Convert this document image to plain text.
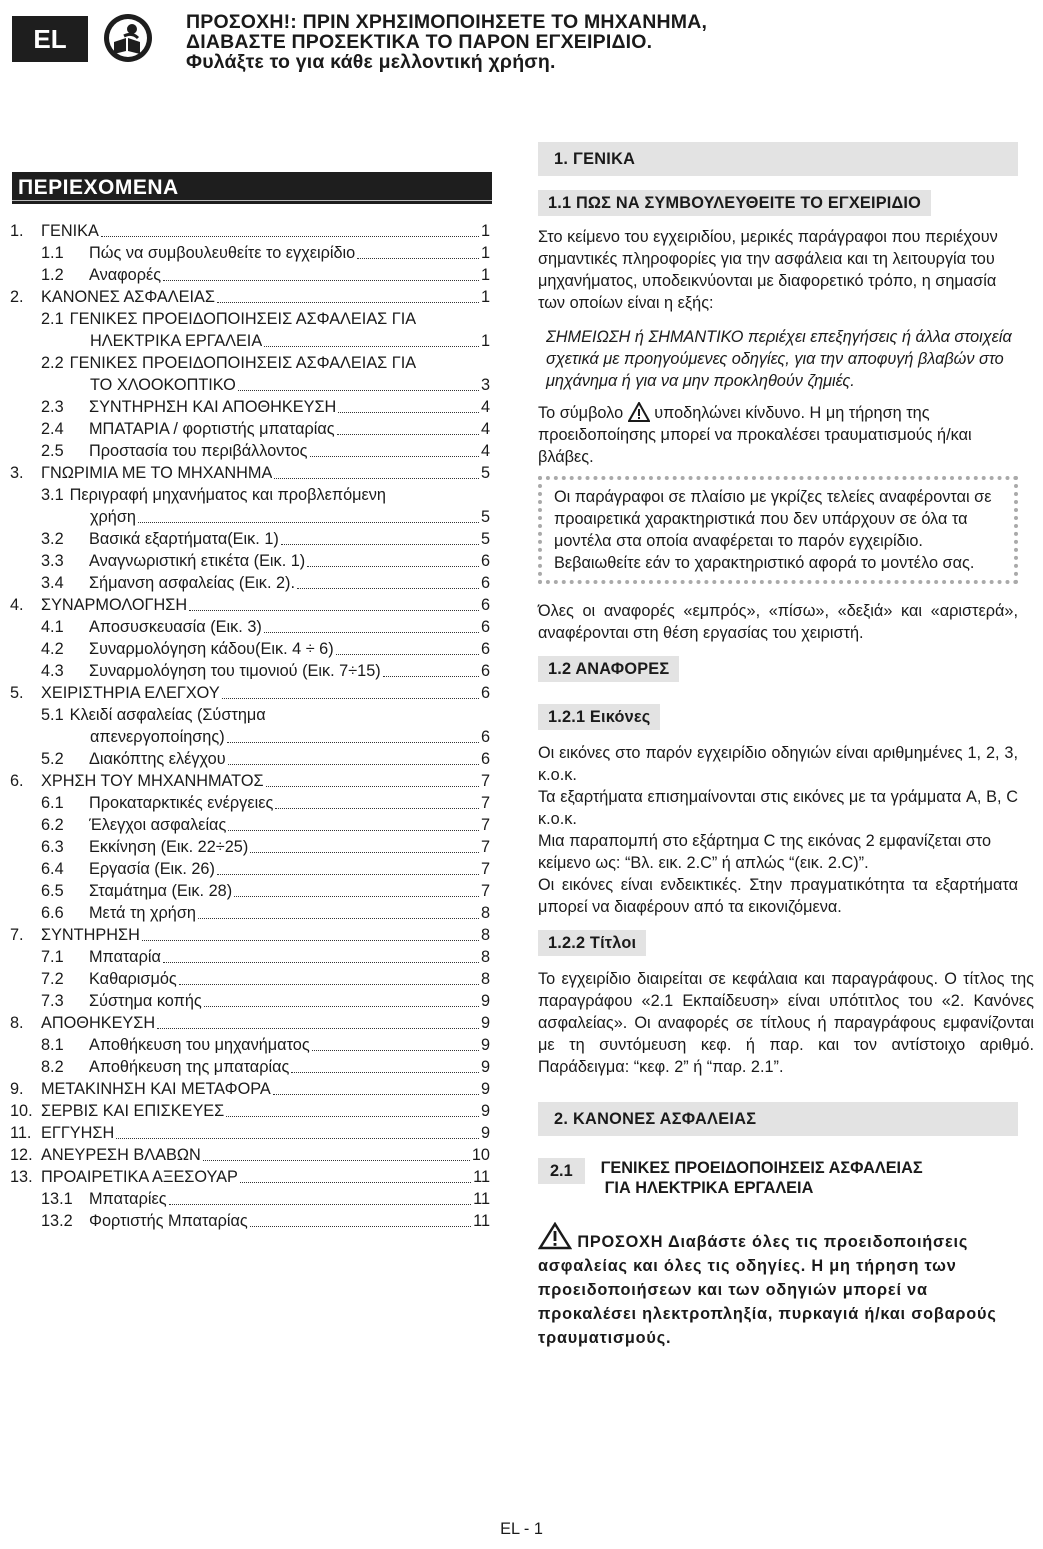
EL
ΠΡΟΣΟΧΗ!: ΠΡΙΝ ΧΡΗΣΙΜΟΠΟΙΗΣΕΤΕ ΤΟ ΜΗΧΑΝΗΜΑ,
ΔΙΑΒΑΣΤΕ ΠΡΟΣΕΚΤΙΚΑ ΤΟ ΠΑΡΟΝ ΕΓΧΕΙΡΙΔΙΟ.
Φυλάξτε το για κάθε μελλοντική χρήση.
ΠΕΡΙΕΧΟΜΕΝΑ
1.	ΓΕΝΙΚΑ	1
1.1	Πώς να συμβουλευθείτε το εγχειρίδιο	1
1.2	Αναφορές	1
2.	ΚΑΝΟΝΕΣ ΑΣΦΑΛΕΙΑΣ	1
2.1 ΓΕΝΙΚΕΣ ΠΡΟΕΙΔΟΠΟΙΗΣΕΙΣ ΑΣΦΑΛΕΙΑΣ ΓΙΑ
ΗΛΕΚΤΡΙΚΑ ΕΡΓΑΛΕΙΑ	1
2.2 ΓΕΝΙΚΕΣ ΠΡΟΕΙΔΟΠΟΙΗΣΕΙΣ ΑΣΦΑΛΕΙΑΣ ΓΙΑ
ΤΟ ΧΛΟΟΚΟΠΤΙΚΟ	3
2.3	ΣΥΝΤΗΡΗΣΗ ΚΑΙ ΑΠΟΘΗΚΕΥΣΗ	4
2.4	ΜΠΑΤΑΡΙΑ / φορτιστής μπαταρίας	4
2.5	Προστασία του περιβάλλοντος	4
3.	ΓΝΩΡΙΜΙΑ ΜΕ ΤΟ ΜΗΧΑΝΗΜΑ	5
3.1 Περιγραφή μηχανήματος και προβλεπόμενη
χρήση	5
3.2	Βασικά εξαρτήματα(Εικ. 1)	5
3.3	Αναγνωριστική ετικέτα (Εικ. 1)	6
3.4	Σήμανση ασφαλείας (Εικ. 2).	6
4.	ΣΥΝΑΡΜΟΛΟΓΗΣΗ	6
4.1	Αποσυσκευασία (Εικ. 3)	6
4.2	Συναρμολόγηση κάδου(Εικ. 4 ÷ 6)	6
4.3	Συναρμολόγηση του τιμονιού (Εικ. 7÷15)	6
5.	ΧΕΙΡΙΣΤΗΡΙΑ ΕΛΕΓΧΟΥ	6
5.1 Κλειδί ασφαλείας (Σύστημα
απενεργοποίησης)	6
5.2	Διακόπτης ελέγχου	6
6.	ΧΡΗΣΗ ΤΟΥ ΜΗΧΑΝΗΜΑΤΟΣ	7
6.1	Προκαταρκτικές ενέργειες	7
6.2	Έλεγχοι ασφαλείας	7
6.3	Εκκίνηση (Εικ. 22÷25)	7
6.4	Εργασία (Εικ. 26)	7
6.5	Σταμάτημα (Εικ. 28)	7
6.6	Μετά τη χρήση	8
7.	ΣΥΝΤΗΡΗΣΗ	8
7.1	Μπαταρία	8
7.2	Καθαρισμός	8
7.3	Σύστημα κοπής	9
8.	ΑΠΟΘΗΚΕΥΣΗ	9
8.1	Αποθήκευση του μηχανήματος	9
8.2	Αποθήκευση της μπαταρίας	9
9.	ΜΕΤΑΚΙΝΗΣΗ ΚΑΙ ΜΕΤΑΦΟΡΑ	9
10. ΣΕΡΒΙΣ ΚΑΙ ΕΠΙΣΚΕΥΕΣ	9
11. ΕΓΓΥΗΣΗ	9
12. ΑΝΕΥΡΕΣΗ ΒΛΑΒΩΝ	10
13. ΠΡΟΑΙΡΕΤΙΚΑ ΑΞΕΣΟΥΑΡ	11
13.1 Μπαταρίες	11
13.2 Φορτιστής Μπαταρίας	11
1. ΓΕΝΙΚΑ
1.1 ΠΩΣ ΝΑ ΣΥΜΒΟΥΛΕΥΘΕΙΤΕ ΤΟ ΕΓΧΕΙΡΙΔΙΟ
Στο κείμενο του εγχειριδίου, μερικές παράγραφοι που περιέχουν σημαντικές πληροφορίες για την ασφάλεια και τη λειτουργία του μηχανήματος, υποδεικνύονται με διαφορετικό τρόπο, η σημασία των οποίων είναι η εξής:
ΣΗΜΕΙΩΣΗ ή ΣΗΜΑΝΤΙΚΟ περιέχει επεξηγήσεις ή άλλα στοιχεία σχετικά με προηγούμενες οδηγίες, για την αποφυγή βλαβών στο μηχάνημα ή για να μην προκληθούν ζημιές.
Το σύμβολο υποδηλώνει κίνδυνο. Η μη τήρηση της προειδοποίησης μπορεί να προκαλέσει τραυματισμούς ή/και βλάβες.
Οι παράγραφοι σε πλαίσιο με γκρίζες τελείες αναφέρονται σε προαιρετικά χαρακτηριστικά που δεν υπάρχουν σε όλα τα μοντέλα στα οποία αναφέρεται το παρόν εγχειρίδιο. Βεβαιωθείτε εάν το χαρακτηριστικό αφορά το μοντέλο σας.
Όλες οι αναφορές «εμπρός», «πίσω», «δεξιά» και «αριστερά», αναφέρονται στη θέση εργασίας του χειριστή.
1.2 ΑΝΑΦΟΡΕΣ
1.2.1 Εικόνες
Οι εικόνες στο παρόν εγχειρίδιο οδηγιών είναι αριθμημένες 1, 2, 3, κ.ο.κ.
Τα εξαρτήματα επισημαίνονται στις εικόνες με τα γράμματα A, B, C κ.ο.κ.
Μια παραπομπή στο εξάρτημα C της εικόνας 2 εμφανίζεται στο κείμενο ως: “Βλ. εικ. 2.C” ή απλώς “(εικ. 2.C)”.
Οι εικόνες είναι ενδεικτικές. Στην πραγματικότητα τα εξαρτήματα μπορεί να διαφέρουν από τα εικονιζόμενα.
1.2.2 Τίτλοι
Το εγχειρίδιο διαιρείται σε κεφάλαια και παραγράφους. Ο τίτλος της παραγράφου «2.1 Εκπαίδευση» είναι υπότιτλος του «2. Κανόνες ασφαλείας». Οι αναφορές σε τίτλους ή παραγράφους εμφανίζονται με τη συντόμευση κεφ. ή παρ. και τον αντίστοιχο αριθμό. Παράδειγμα: “κεφ. 2” ή “παρ. 2.1”.
2. ΚΑΝΟΝΕΣ ΑΣΦΑΛΕΙΑΣ
2.1	ΓΕΝΙΚΕΣ ΠΡΟΕΙΔΟΠΟΙΗΣΕΙΣ ΑΣΦΑΛΕΙΑΣ
ΓΙΑ ΗΛΕΚΤΡΙΚΑ ΕΡΓΑΛΕΙΑ
ΠΡΟΣΟΧΗ Διαβάστε όλες τις προειδοποιήσεις ασφαλείας και όλες τις οδηγίες. Η μη τήρηση των προειδοποιήσεων και των οδηγιών μπορεί να προκαλέσει ηλεκτροπληξία, πυρκαγιά ή/και σοβαρούς τραυματισμούς.
EL - 1
